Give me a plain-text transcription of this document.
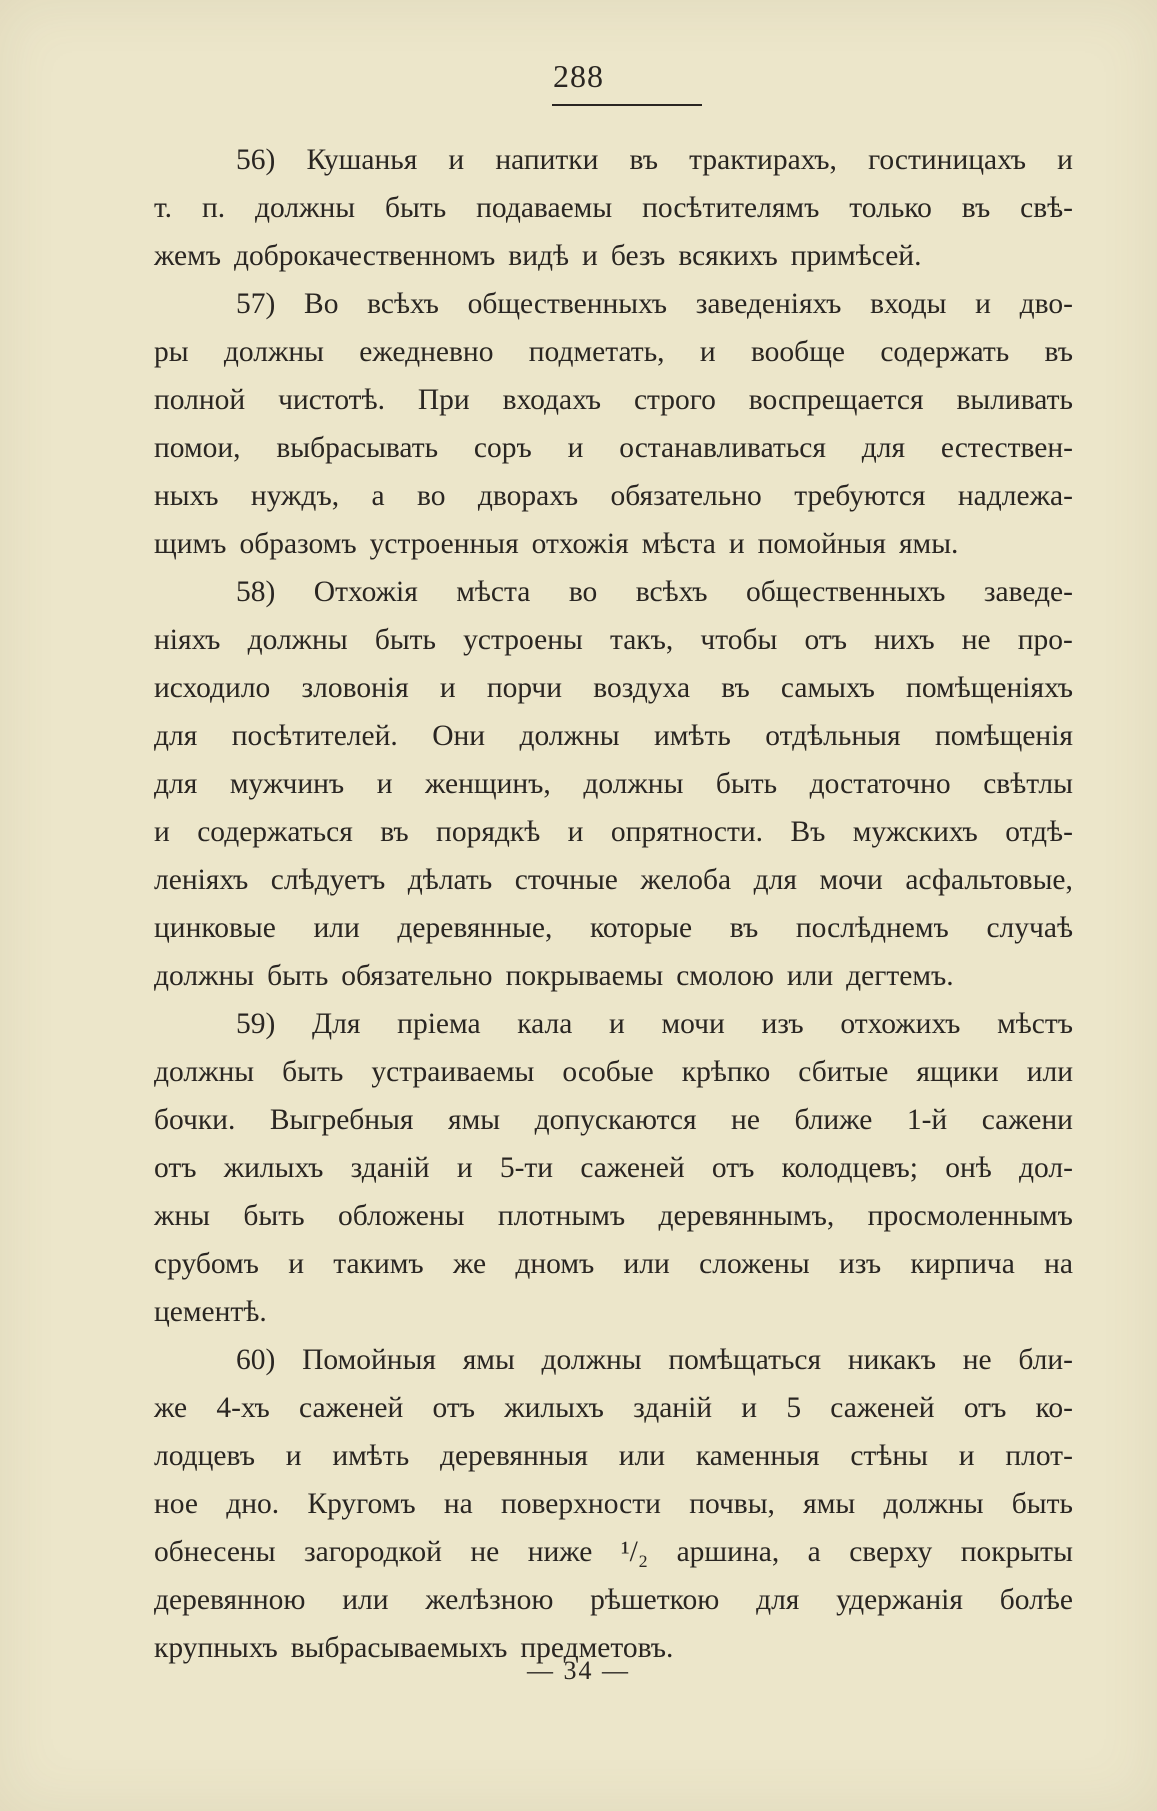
288
56) Кушанья и напитки въ трактирахъ, гостиницахъ и
т. п. должны быть подаваемы посѣтителямъ только въ свѣ-
жемъ доброкачественномъ видѣ и безъ всякихъ примѣсей.
57) Во всѣхъ общественныхъ заведеніяхъ входы и дво-
ры должны ежедневно подметать, и вообще содержать въ
полной чистотѣ. При входахъ строго воспрещается выливать
помои, выбрасывать соръ и останавливаться для естествен-
ныхъ нуждъ, а во дворахъ обязательно требуются надлежа-
щимъ образомъ устроенныя отхожія мѣста и помойныя ямы.
58) Отхожія мѣста во всѣхъ общественныхъ заведе-
ніяхъ должны быть устроены такъ, чтобы отъ нихъ не про-
исходило зловонія и порчи воздуха въ самыхъ помѣщеніяхъ
для посѣтителей. Они должны имѣть отдѣльныя помѣщенія
для мужчинъ и женщинъ, должны быть достаточно свѣтлы
и содержаться въ порядкѣ и опрятности. Въ мужскихъ отдѣ-
леніяхъ слѣдуетъ дѣлать сточные желоба для мочи асфальтовые,
цинковые или деревянные, которые въ послѣднемъ случаѣ
должны быть обязательно покрываемы смолою или дегтемъ.
59) Для пріема кала и мочи изъ отхожихъ мѣстъ
должны быть устраиваемы особые крѣпко сбитые ящики или
бочки. Выгребныя ямы допускаются не ближе 1-й сажени
отъ жилыхъ зданій и 5-ти саженей отъ колодцевъ; онѣ дол-
жны быть обложены плотнымъ деревяннымъ, просмоленнымъ
срубомъ и такимъ же дномъ или сложены изъ кирпича на
цементѣ.
60) Помойныя ямы должны помѣщаться никакъ не бли-
же 4-хъ саженей отъ жилыхъ зданій и 5 саженей отъ ко-
лодцевъ и имѣть деревянныя или каменныя стѣны и плот-
ное дно. Кругомъ на поверхности почвы, ямы должны быть
обнесены загородкой не ниже ¹/₂ аршина, а сверху покрыты
деревянною или желѣзною рѣшеткою для удержанія болѣе
крупныхъ выбрасываемыхъ предметовъ.
— 34 —
